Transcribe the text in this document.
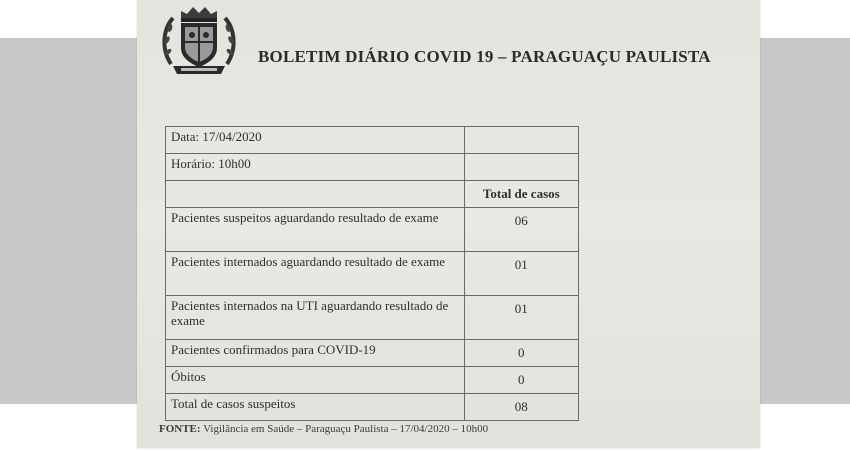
BOLETIM DIÁRIO COVID 19 – PARAGUAÇU PAULISTA
Data: 17/04/2020	
Horário: 10h00	
	Total de casos
Pacientes suspeitos aguardando resultado de exame	06
Pacientes internados aguardando resultado de exame	01
Pacientes internados na UTI aguardando resultado de exame	01
Pacientes confirmados para COVID-19	0
Óbitos	0
Total de casos suspeitos	08
FONTE: Vigilância em Saúde – Paraguaçu Paulista – 17/04/2020 – 10h00
